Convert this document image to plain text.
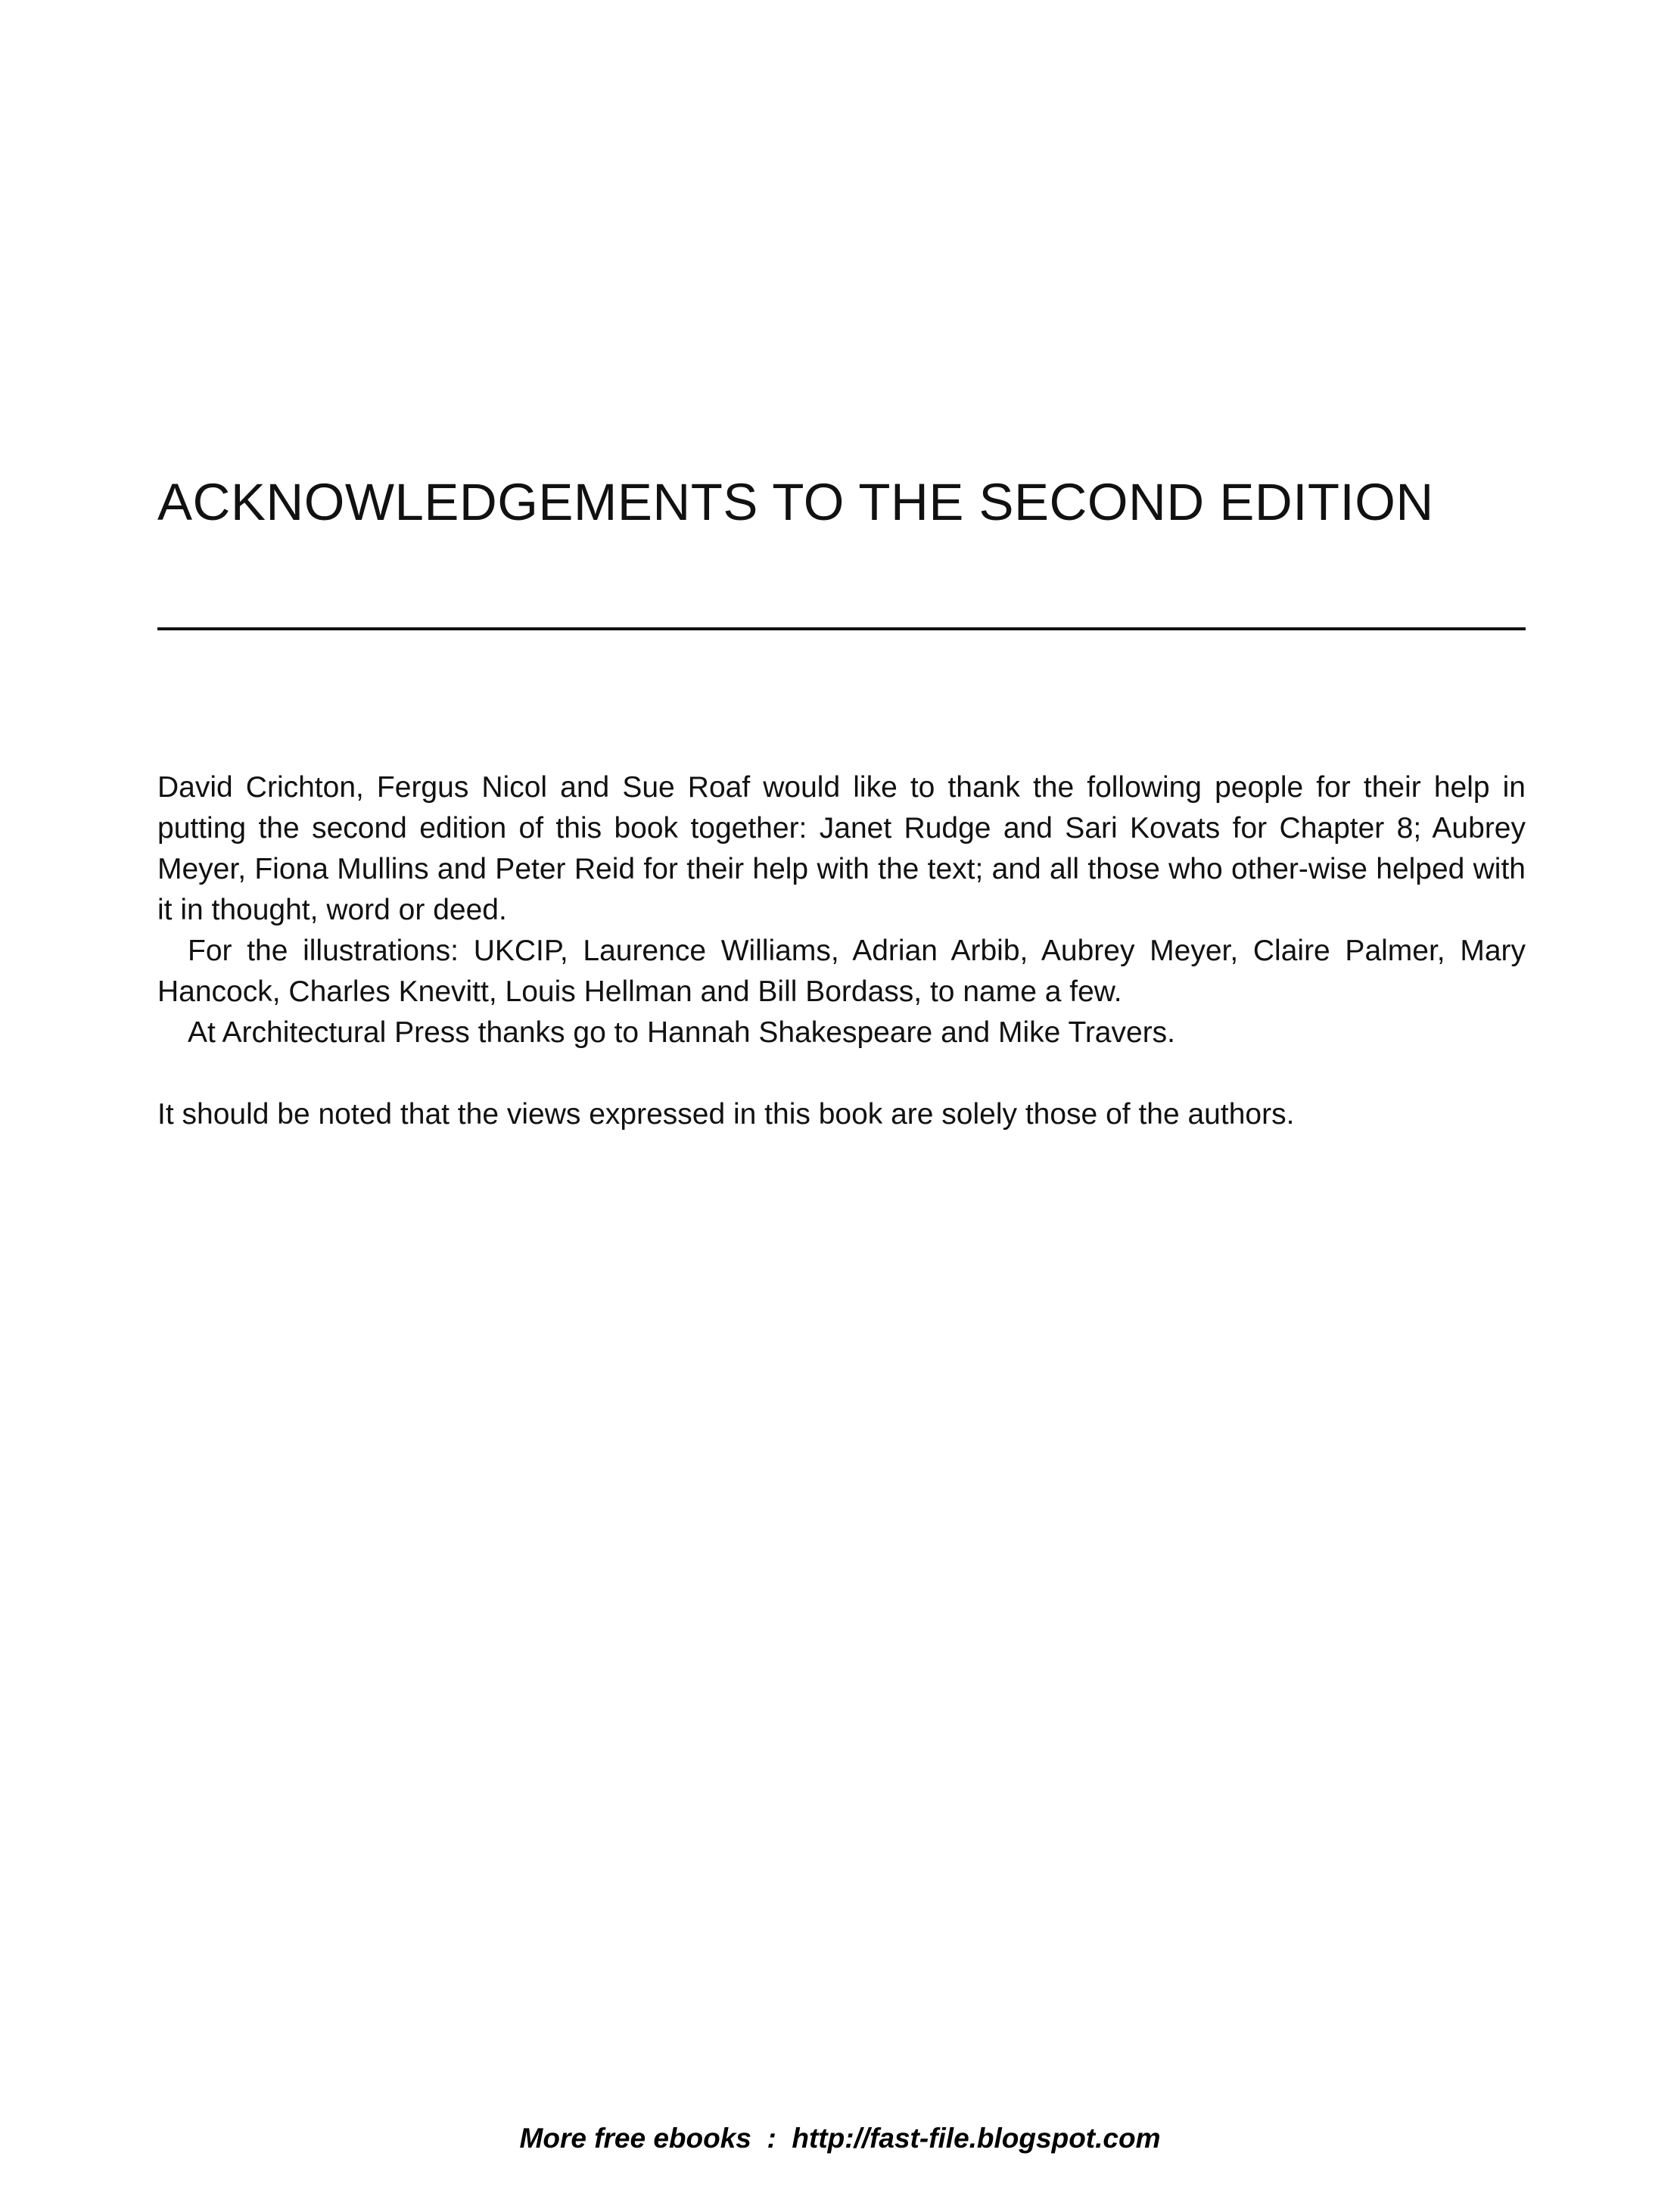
ACKNOWLEDGEMENTS TO THE SECOND EDITION

David Crichton, Fergus Nicol and Sue Roaf would like to thank the following people for their help in putting the second edition of this book together: Janet Rudge and Sari Kovats for Chapter 8; Aubrey Meyer, Fiona Mullins and Peter Reid for their help with the text; and all those who other-wise helped with it in thought, word or deed.

For the illustrations: UKCIP, Laurence Williams, Adrian Arbib, Aubrey Meyer, Claire Palmer, Mary Hancock, Charles Knevitt, Louis Hellman and Bill Bordass, to name a few.

At Architectural Press thanks go to Hannah Shakespeare and Mike Travers.

It should be noted that the views expressed in this book are solely those of the authors.

More free ebooks  :  http://fast-file.blogspot.com
